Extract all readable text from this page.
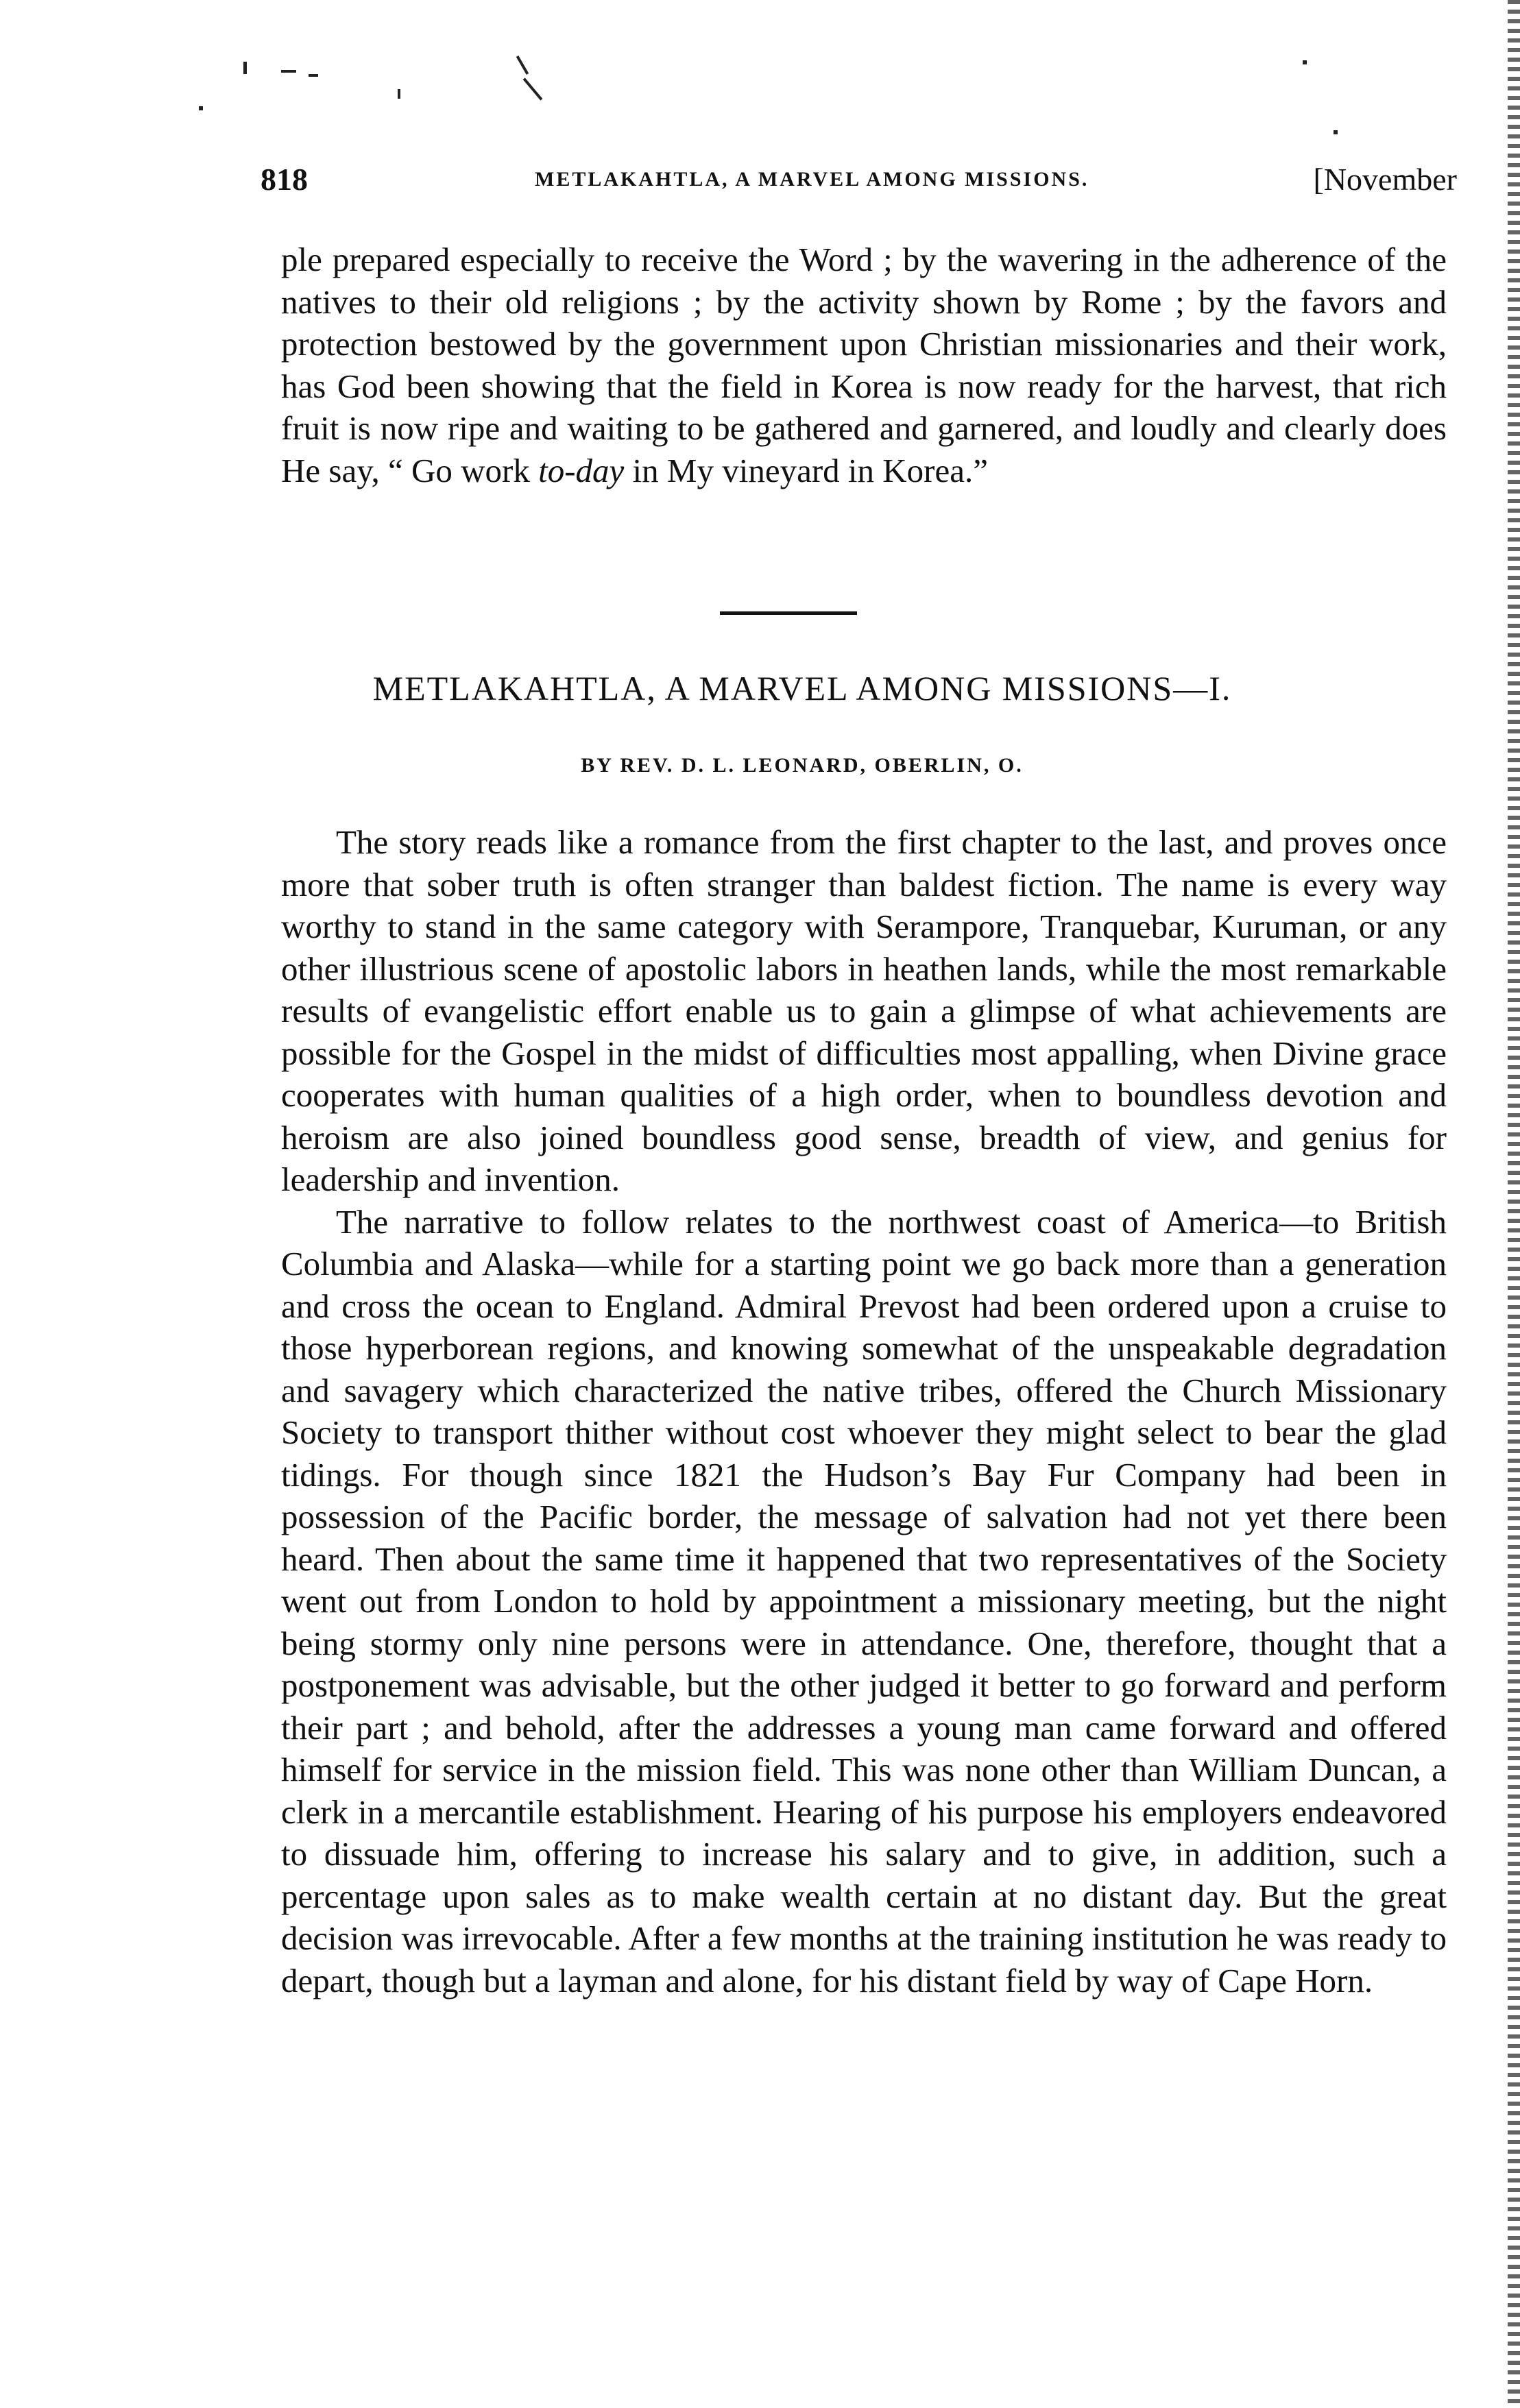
818	METLAKAHTLA, A MARVEL AMONG MISSIONS.	[November

ple prepared especially to receive the Word ; by the wavering in the adherence of the natives to their old religions ; by the activity shown by Rome ; by the favors and protection bestowed by the government upon Christian missionaries and their work, has God been showing that the field in Korea is now ready for the harvest, that rich fruit is now ripe and waiting to be gathered and garnered, and loudly and clearly does He say, “ Go work to-day in My vineyard in Korea.”

METLAKAHTLA, A MARVEL AMONG MISSIONS—I.
BY REV. D. L. LEONARD, OBERLIN, O.

The story reads like a romance from the first chapter to the last, and proves once more that sober truth is often stranger than baldest fiction. The name is every way worthy to stand in the same category with Serampore, Tranquebar, Kuruman, or any other illustrious scene of apostolic labors in heathen lands, while the most remarkable results of evangelistic effort enable us to gain a glimpse of what achievements are possible for the Gospel in the midst of difficulties most appalling, when Divine grace cooperates with human qualities of a high order, when to boundless devotion and heroism are also joined boundless good sense, breadth of view, and genius for leadership and invention.

The narrative to follow relates to the northwest coast of America—to British Columbia and Alaska—while for a starting point we go back more than a generation and cross the ocean to England. Admiral Prevost had been ordered upon a cruise to those hyperborean regions, and knowing somewhat of the unspeakable degradation and savagery which characterized the native tribes, offered the Church Missionary Society to transport thither without cost whoever they might select to bear the glad tidings. For though since 1821 the Hudson’s Bay Fur Company had been in possession of the Pacific border, the message of salvation had not yet there been heard. Then about the same time it happened that two representatives of the Society went out from London to hold by appointment a missionary meeting, but the night being stormy only nine persons were in attendance. One, therefore, thought that a postponement was advisable, but the other judged it better to go forward and perform their part ; and behold, after the addresses a young man came forward and offered himself for service in the mission field. This was none other than William Duncan, a clerk in a mercantile establishment. Hearing of his purpose his employers endeavored to dissuade him, offering to increase his salary and to give, in addition, such a percentage upon sales as to make wealth certain at no distant day. But the great decision was irrevocable. After a few months at the training institution he was ready to depart, though but a layman and alone, for his distant field by way of Cape Horn.
